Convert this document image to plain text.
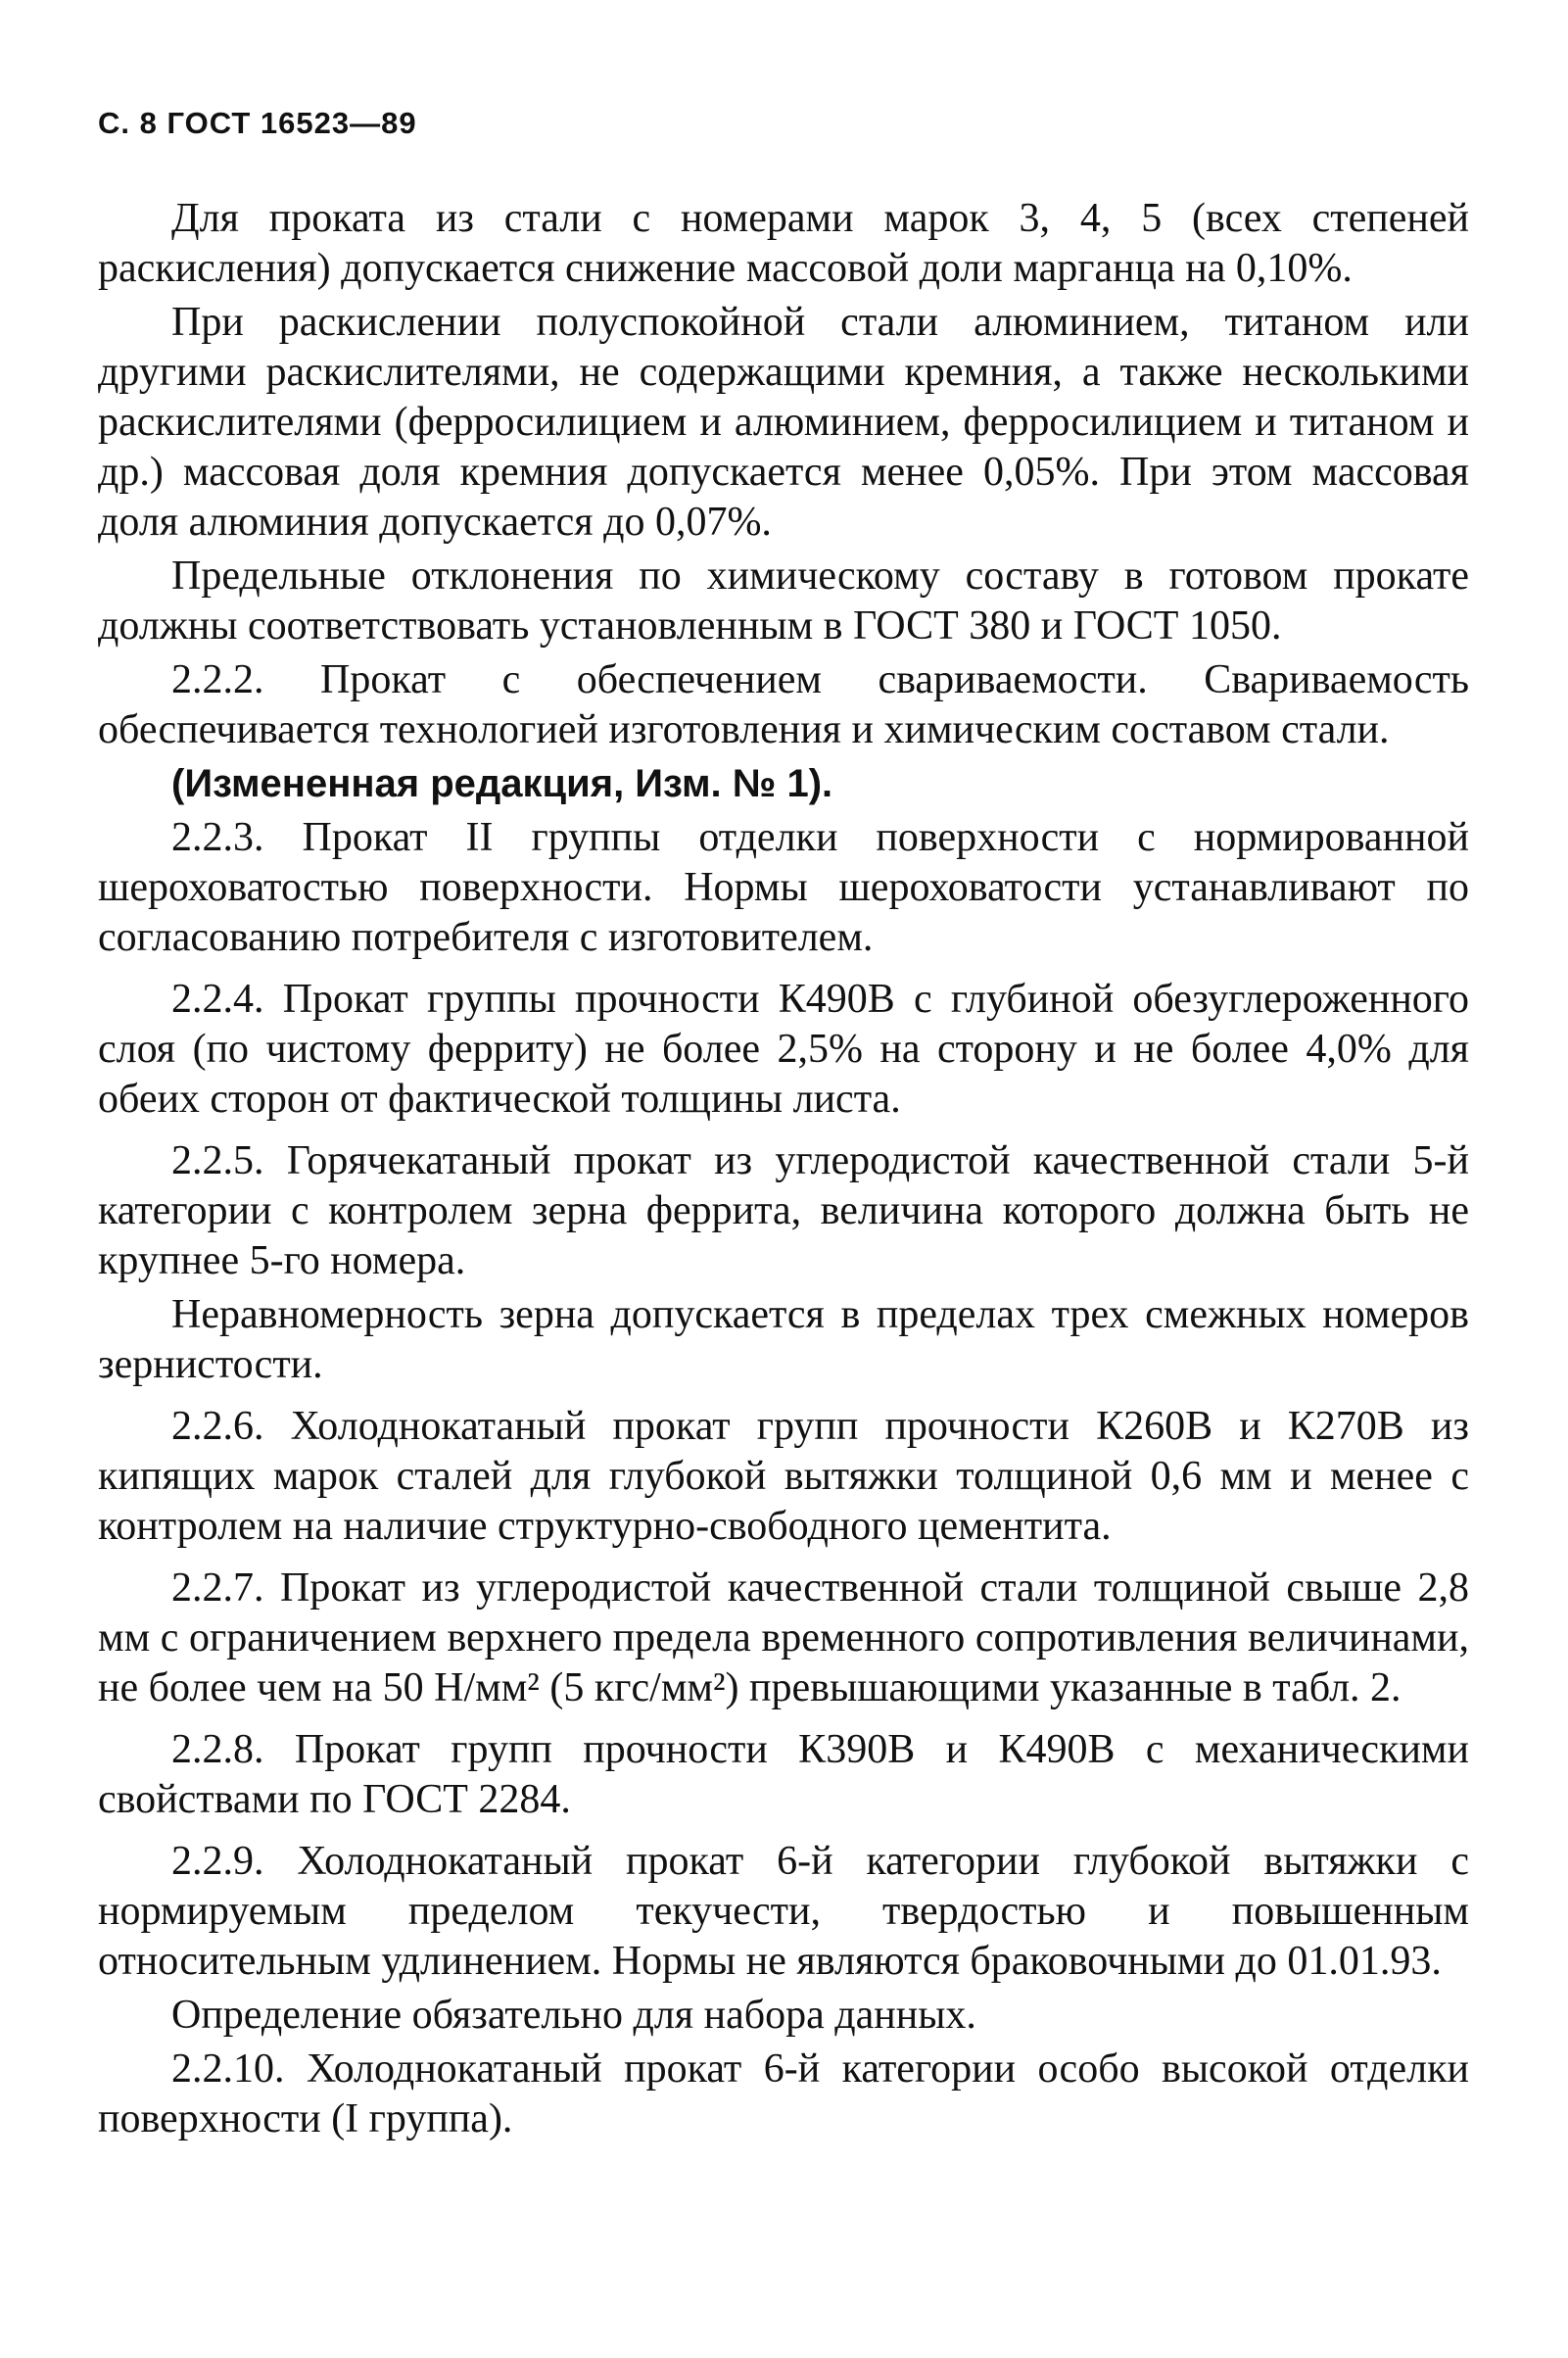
С. 8 ГОСТ 16523—89

Для проката из стали с номерами марок 3, 4, 5 (всех степеней раскисления) допускается снижение массовой доли марганца на 0,10%.

При раскислении полуспокойной стали алюминием, титаном или другими раскислителями, не содержащими кремния, а также несколькими раскислителями (ферросилицием и алюминием, ферросилицием и титаном и др.) массовая доля кремния допускается менее 0,05%. При этом массовая доля алюминия допускается до 0,07%.

Предельные отклонения по химическому составу в готовом прокате должны соответствовать установленным в ГОСТ 380 и ГОСТ 1050.

2.2.2. Прокат с обеспечением свариваемости. Свариваемость обеспечивается технологией изготовления и химическим составом стали.

(Измененная редакция, Изм. № 1).

2.2.3. Прокат II группы отделки поверхности с нормированной шероховатостью поверхности. Нормы шероховатости устанавливают по согласованию потребителя с изготовителем.

2.2.4. Прокат группы прочности К490В с глубиной обезуглероженного слоя (по чистому ферриту) не более 2,5% на сторону и не более 4,0% для обеих сторон от фактической толщины листа.

2.2.5. Горячекатаный прокат из углеродистой качественной стали 5-й категории с контролем зерна феррита, величина которого должна быть не крупнее 5-го номера.

Неравномерность зерна допускается в пределах трех смежных номеров зернистости.

2.2.6. Холоднокатаный прокат групп прочности К260В и К270В из кипящих марок сталей для глубокой вытяжки толщиной 0,6 мм и менее с контролем на наличие структурно-свободного цементита.

2.2.7. Прокат из углеродистой качественной стали толщиной свыше 2,8 мм с ограничением верхнего предела временного сопротивления величинами, не более чем на 50 Н/мм² (5 кгс/мм²) превышающими указанные в табл. 2.

2.2.8. Прокат групп прочности К390В и К490В с механическими свойствами по ГОСТ 2284.

2.2.9. Холоднокатаный прокат 6-й категории глубокой вытяжки с нормируемым пределом текучести, твердостью и повышенным относительным удлинением. Нормы не являются браковочными до 01.01.93.

Определение обязательно для набора данных.

2.2.10. Холоднокатаный прокат 6-й категории особо высокой отделки поверхности (I группа).
